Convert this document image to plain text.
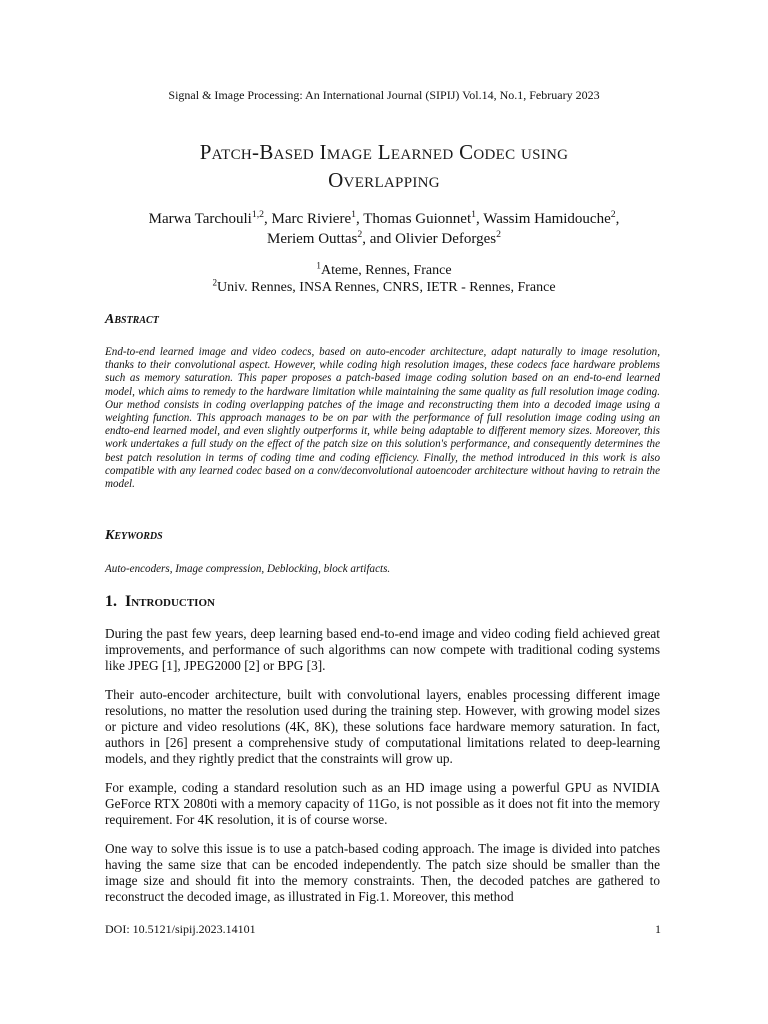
Signal & Image Processing: An International Journal (SIPIJ) Vol.14, No.1, February 2023
Patch-Based Image Learned Codec using
Overlapping
Marwa Tarchouli$^{1,2}$, Marc Riviere$^1$, Thomas Guionnet$^1$, Wassim Hamidouche$^2$,
Meriem Outtas$^2$, and Olivier Deforges$^2$
$^1$Ateme, Rennes, France
$^2$Univ. Rennes, INSA Rennes, CNRS, IETR - Rennes, France
Abstract

End-to-end learned image and video codecs, based on auto-encoder architecture, adapt naturally to image resolution, thanks to their convolutional aspect. However, while coding high resolution images, these codecs face hardware problems such as memory saturation. This paper proposes a patch-based image coding solution based on an end-to-end learned model, which aims to remedy to the hardware limitation while maintaining the same quality as full resolution image coding. Our method consists in coding overlapping patches of the image and reconstructing them into a decoded image using a weighting function. This approach manages to be on par with the performance of full resolution image coding using an endto-end learned model, and even slightly outperforms it, while being adaptable to different memory sizes. Moreover, this work undertakes a full study on the effect of the patch size on this solution's performance, and consequently determines the best patch resolution in terms of coding time and coding efficiency. Finally, the method introduced in this work is also compatible with any learned codec based on a conv/deconvolutional autoencoder architecture without having to retrain the model.

Keywords

Auto-encoders, Image compression, Deblocking, block artifacts.

1. Introduction

During the past few years, deep learning based end-to-end image and video coding field achieved great improvements, and performance of such algorithms can now compete with traditional coding systems like JPEG [1], JPEG2000 [2] or BPG [3].

Their auto-encoder architecture, built with convolutional layers, enables processing different image resolutions, no matter the resolution used during the training step. However, with growing model sizes or picture and video resolutions (4K, 8K), these solutions face hardware memory saturation. In fact, authors in [26] present a comprehensive study of computational limitations related to deep-learning models, and they rightly predict that the constraints will grow up.

For example, coding a standard resolution such as an HD image using a powerful GPU as NVIDIA GeForce RTX 2080ti with a memory capacity of 11Go, is not possible as it does not fit into the memory requirement. For 4K resolution, it is of course worse.

One way to solve this issue is to use a patch-based coding approach. The image is divided into patches having the same size that can be encoded independently. The patch size should be smaller than the image size and should fit into the memory constraints. Then, the decoded patches are gathered to reconstruct the decoded image, as illustrated in Fig.1. Moreover, this method

DOI: 10.5121/sipij.2023.14101	1
